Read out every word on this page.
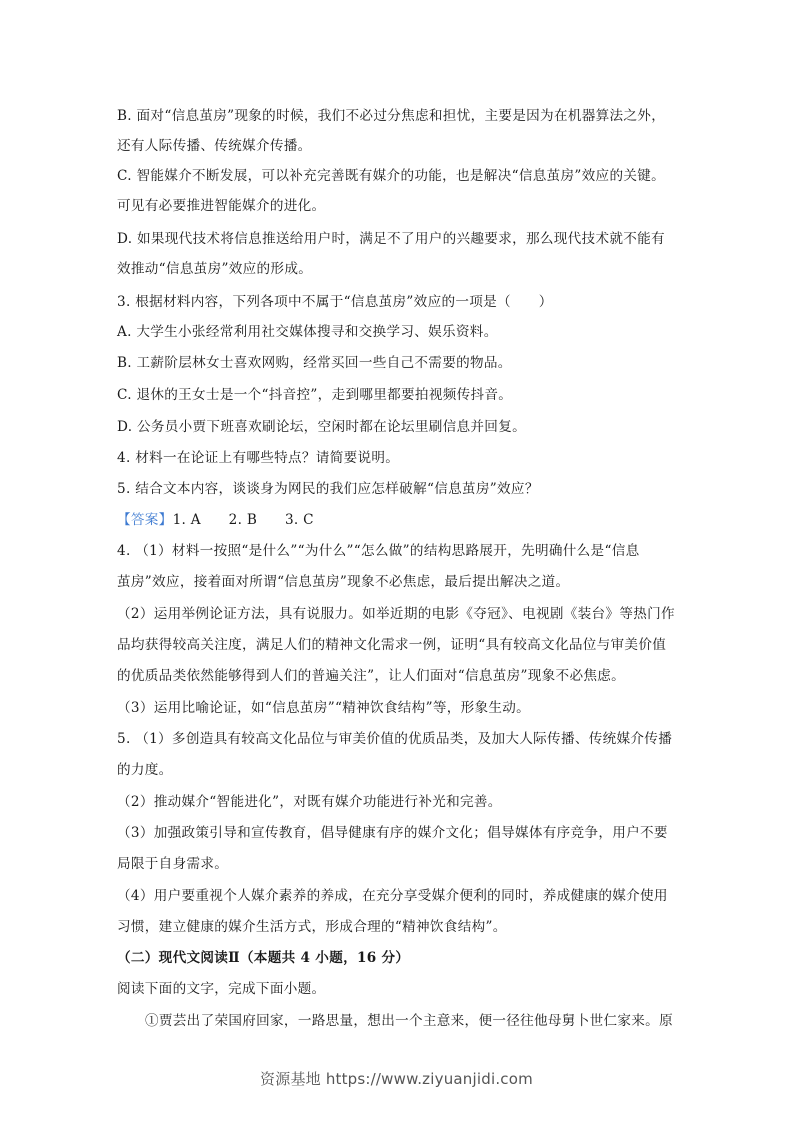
B. 面对“信息茧房”现象的时候，我们不必过分焦虑和担忧，主要是因为在机器算法之外，
还有人际传播、传统媒介传播。
C. 智能媒介不断发展，可以补充完善既有媒介的功能，也是解决“信息茧房”效应的关键。
可见有必要推进智能媒介的进化。
D. 如果现代技术将信息推送给用户时，满足不了用户的兴趣要求，那么现代技术就不能有
效推动“信息茧房”效应的形成。
3. 根据材料内容，下列各项中不属于“信息茧房”效应的一项是（　　）
A. 大学生小张经常利用社交媒体搜寻和交换学习、娱乐资料。
B. 工薪阶层林女士喜欢网购，经常买回一些自己不需要的物品。
C. 退休的王女士是一个“抖音控”，走到哪里都要拍视频传抖音。
D. 公务员小贾下班喜欢刷论坛，空闲时都在论坛里刷信息并回复。
4. 材料一在论证上有哪些特点？请简要说明。
5. 结合文本内容，谈谈身为网民的我们应怎样破解“信息茧房”效应？
【答案】1. A　　2. B　　3. C
4. （1）材料一按照“是什么”“为什么”“怎么做”的结构思路展开，先明确什么是“信息
茧房”效应，接着面对所谓“信息茧房”现象不必焦虑，最后提出解决之道。
（2）运用举例论证方法，具有说服力。如举近期的电影《夺冠》、电视剧《装台》等热门作
品均获得较高关注度，满足人们的精神文化需求一例，证明“具有较高文化品位与审美价值
的优质品类依然能够得到人们的普遍关注”，让人们面对“信息茧房”现象不必焦虑。
（3）运用比喻论证，如“信息茧房”“精神饮食结构”等，形象生动。
5. （1）多创造具有较高文化品位与审美价值的优质品类，及加大人际传播、传统媒介传播
的力度。
（2）推动媒介“智能进化”，对既有媒介功能进行补光和完善。
（3）加强政策引导和宣传教育，倡导健康有序的媒介文化；倡导媒体有序竞争，用户不要
局限于自身需求。
（4）用户要重视个人媒介素养的养成，在充分享受媒介便利的同时，养成健康的媒介使用
习惯，建立健康的媒介生活方式，形成合理的“精神饮食结构”。
（二）现代文阅读Ⅱ（本题共 4 小题，16 分）
阅读下面的文字，完成下面小题。
①贾芸出了荣国府回家，一路思量，想出一个主意来，便一径往他母舅卜世仁家来。原
资源基地 https://www.ziyuanjidi.com
